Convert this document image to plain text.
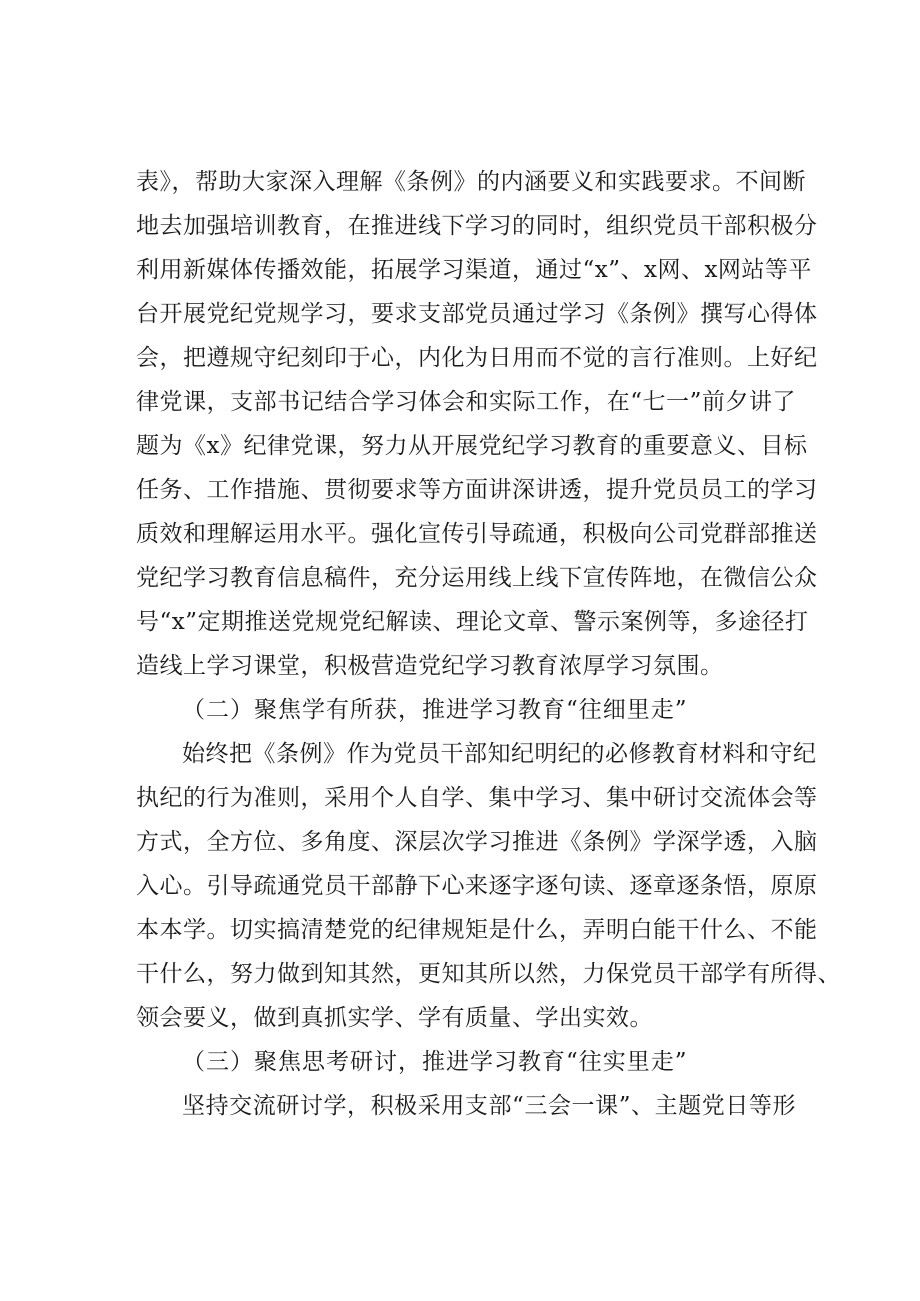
表》，帮助大家深入理解《条例》的内涵要义和实践要求。不间断
地去加强培训教育，在推进线下学习的同时，组织党员干部积极分
利用新媒体传播效能，拓展学习渠道，通过“x”、x网、x网站等平
台开展党纪党规学习，要求支部党员通过学习《条例》撰写心得体
会，把遵规守纪刻印于心，内化为日用而不觉的言行准则。上好纪
律党课，支部书记结合学习体会和实际工作，在“七一”前夕讲了
题为《x》纪律党课，努力从开展党纪学习教育的重要意义、目标
任务、工作措施、贯彻要求等方面讲深讲透，提升党员员工的学习
质效和理解运用水平。强化宣传引导疏通，积极向公司党群部推送
党纪学习教育信息稿件，充分运用线上线下宣传阵地，在微信公众
号“x”定期推送党规党纪解读、理论文章、警示案例等，多途径打
造线上学习课堂，积极营造党纪学习教育浓厚学习氛围。
（二）聚焦学有所获，推进学习教育“往细里走”
始终把《条例》作为党员干部知纪明纪的必修教育材料和守纪
执纪的行为准则，采用个人自学、集中学习、集中研讨交流体会等
方式，全方位、多角度、深层次学习推进《条例》学深学透，入脑
入心。引导疏通党员干部静下心来逐字逐句读、逐章逐条悟，原原
本本学。切实搞清楚党的纪律规矩是什么，弄明白能干什么、不能
干什么，努力做到知其然，更知其所以然，力保党员干部学有所得、
领会要义，做到真抓实学、学有质量、学出实效。
（三）聚焦思考研讨，推进学习教育“往实里走”
坚持交流研讨学，积极采用支部“三会一课”、主题党日等形
